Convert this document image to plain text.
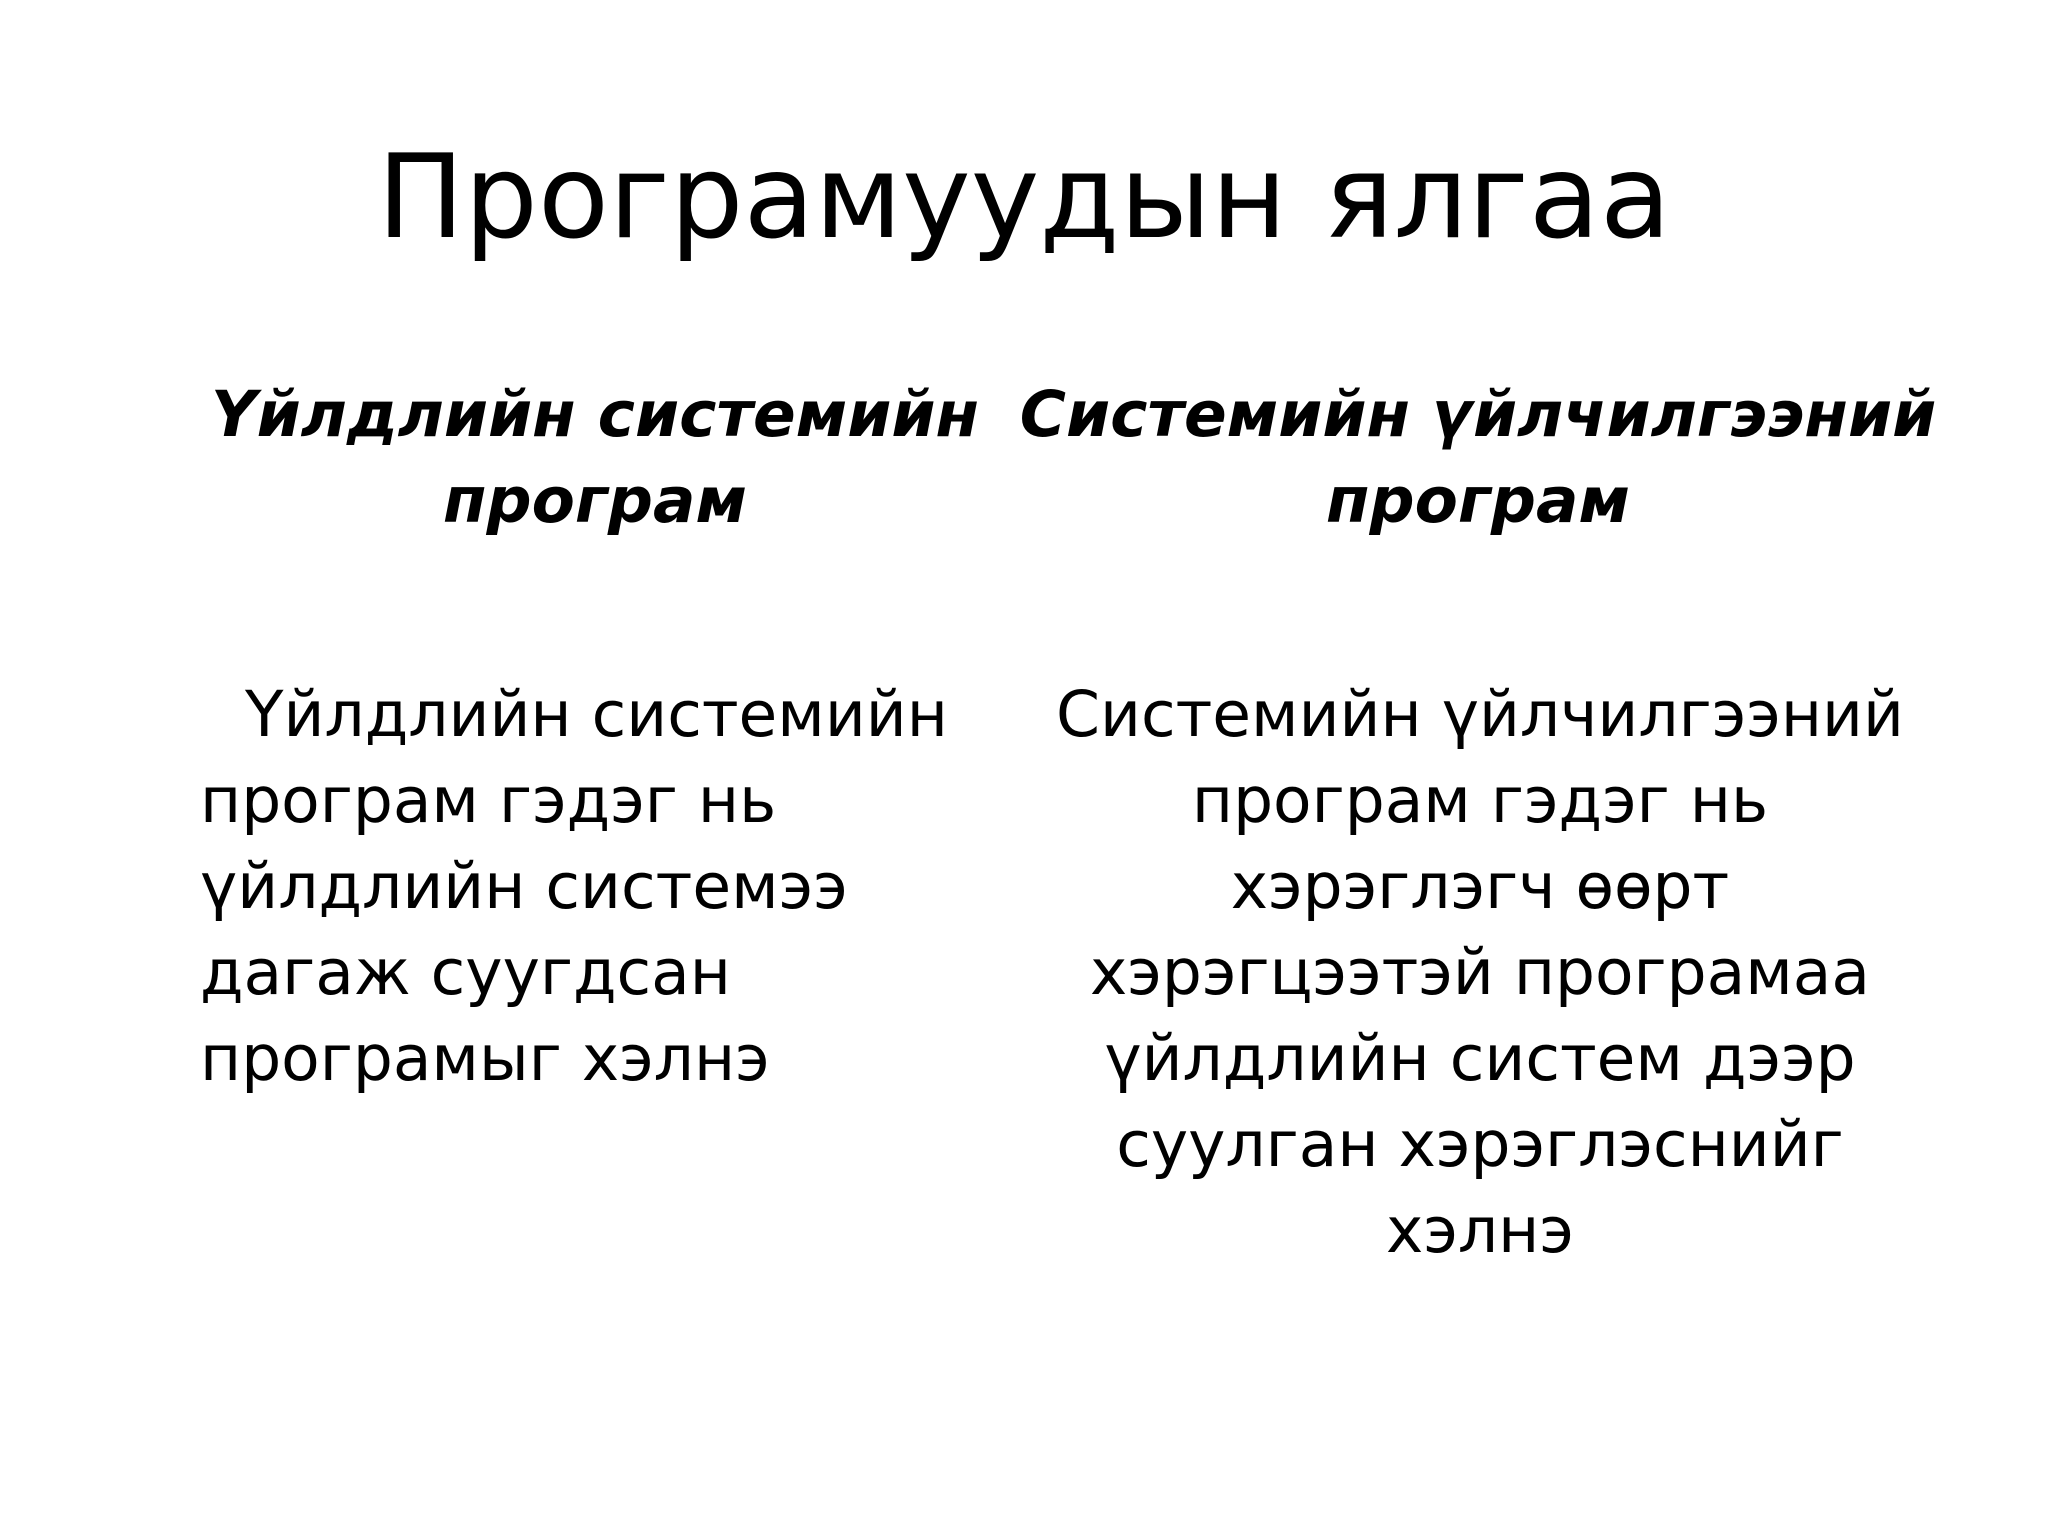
Програмуудын ялгаа
Үйлдлийн системийн програм
Системийн үйлчилгээний програм

Үйлдлийн системийн програм гэдэг нь үйлдлийн системээ дагаж суугдсан програмыг хэлнэ

Системийн үйлчилгээний програм гэдэг нь хэрэглэгч өөрт хэрэгцээтэй програмаа үйлдлийн систем дээр суулган хэрэглэснийг хэлнэ
